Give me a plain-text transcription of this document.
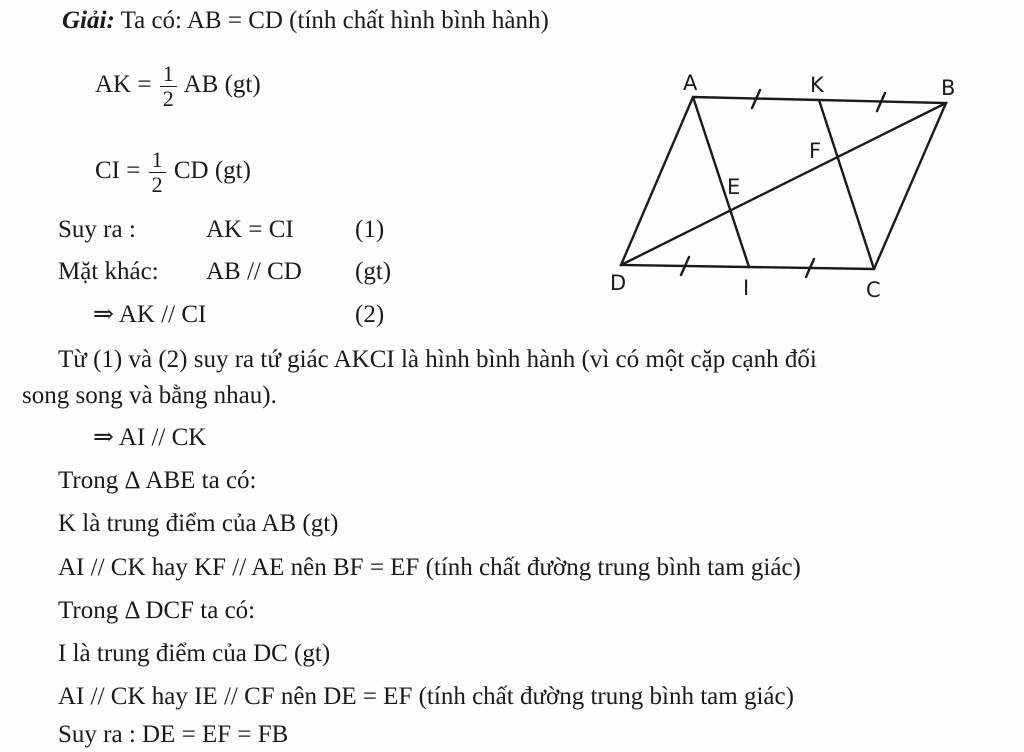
Giải: Ta có: AB = CD (tính chất hình bình hành)
AK = $\frac{1}{2}$ AB (gt)
CI = $\frac{1}{2}$ CD (gt)
Suy ra :	AK = CI (1)
Mặt khác: AB // CD (gt)
⇒ AK // CI	(2)
Từ (1) và (2) suy ra tứ giác AKCI là hình bình hành (vì có một cặp cạnh đối
song song và bằng nhau).
⇒ AI // CK
Trong Δ ABE ta có:
K là trung điểm của AB (gt)
AI // CK hay KF // AE nên BF = EF (tính chất đường trung bình tam giác)
Trong Δ DCF ta có:
I là trung điểm của DC (gt)
AI // CK hay IE // CF nên DE = EF (tính chất đường trung bình tam giác)
Suy ra : DE = EF = FB
A	K	B
F
E
D	I	C
